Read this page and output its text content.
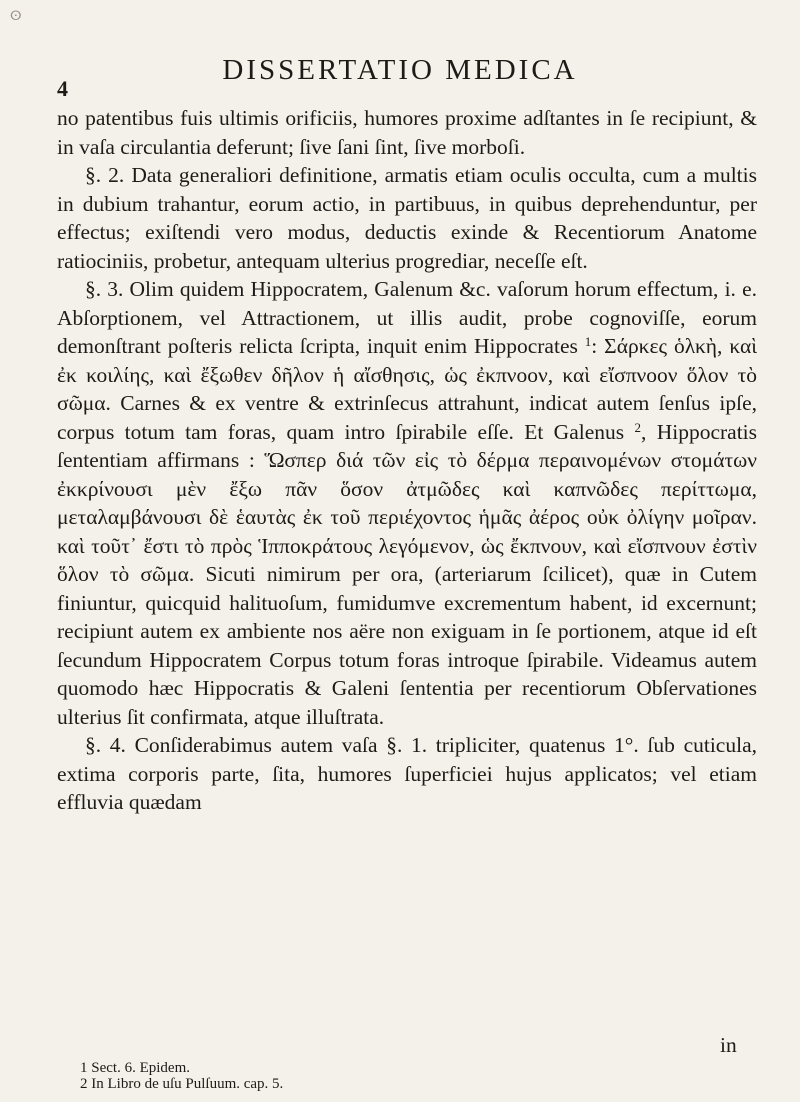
ⵙ
4
DISSERTATIO MEDICA

no patentibus fuis ultimis orificiis, humores proxime adſtantes in ſe recipiunt, & in vaſa circulantia deferunt; ſive ſani ſint, ſive morboſi.

§. 2. Data generaliori definitione, armatis etiam oculis occulta, cum a multis in dubium trahantur, eorum actio, in partibuus, in quibus deprehenduntur, per effectus; exiſtendi vero modus, deductis exinde & Recentiorum Anatome ratiociniis, probetur, antequam ulterius progrediar, neceſſe eſt.

§. 3. Olim quidem Hippocratem, Galenum &c. vaſorum horum effectum, i. e. Abſorptionem, vel Attractionem, ut illis audit, probe cognoviſſe, eorum demonſtrant poſteris relicta ſcripta, inquit enim Hippocrates $^1$: Σάρκες ὁλκὴ, καὶ ἐκ κοιλίης, καὶ ἔξωθεν δῆλον ἡ αἴσθησις, ὡς ἐκπνοον, καὶ εἴσπνοον ὅλον τὸ σῶμα. Carnes & ex ventre & extrinſecus attrahunt, indicat autem ſenſus ipſe, corpus totum tam foras, quam intro ſpirabile eſſe. Et Galenus $^2$, Hippocratis ſententiam affirmans : Ὥσπερ διά τῶν εἰς τὸ δέρμα περαινομένων στομάτων ἐκκρίνουσι μὲν ἔξω πᾶν ὅσον ἀτμῶδες καὶ καπνῶδες περίττωμα, μεταλαμβάνουσι δὲ ἑαυτὰς ἐκ τοῦ περιέχοντος ἡμᾶς ἀέρος οὐκ ὀλίγην μοῖραν. καὶ τοῦτ᾽ ἔστι τὸ πρὸς Ἱπποκράτους λεγόμενον, ὡς ἔκπνουν, καὶ εἴσπνουν ἐστὶν ὅλον τὸ σῶμα. Sicuti nimirum per ora, (arteriarum ſcilicet), quæ in Cutem finiuntur, quicquid halituoſum, fumidumve excrementum habent, id excernunt; recipiunt autem ex ambiente nos aëre non exiguam in ſe portionem, atque id eſt ſecundum Hippocratem Corpus totum foras introque ſpirabile. Videamus autem quomodo hæc Hippocratis & Galeni ſententia per recentiorum Obſervationes ulterius ſit confirmata, atque illuſtrata.

§. 4. Conſiderabimus autem vaſa §. 1. tripliciter, quatenus 1°. ſub cuticula, extima corporis parte, ſita, humores ſuperficiei hujus applicatos; vel etiam effluvia quædam

in

1 Sect. 6. Epidem.

2 In Libro de uſu Pulſuum. cap. 5.
